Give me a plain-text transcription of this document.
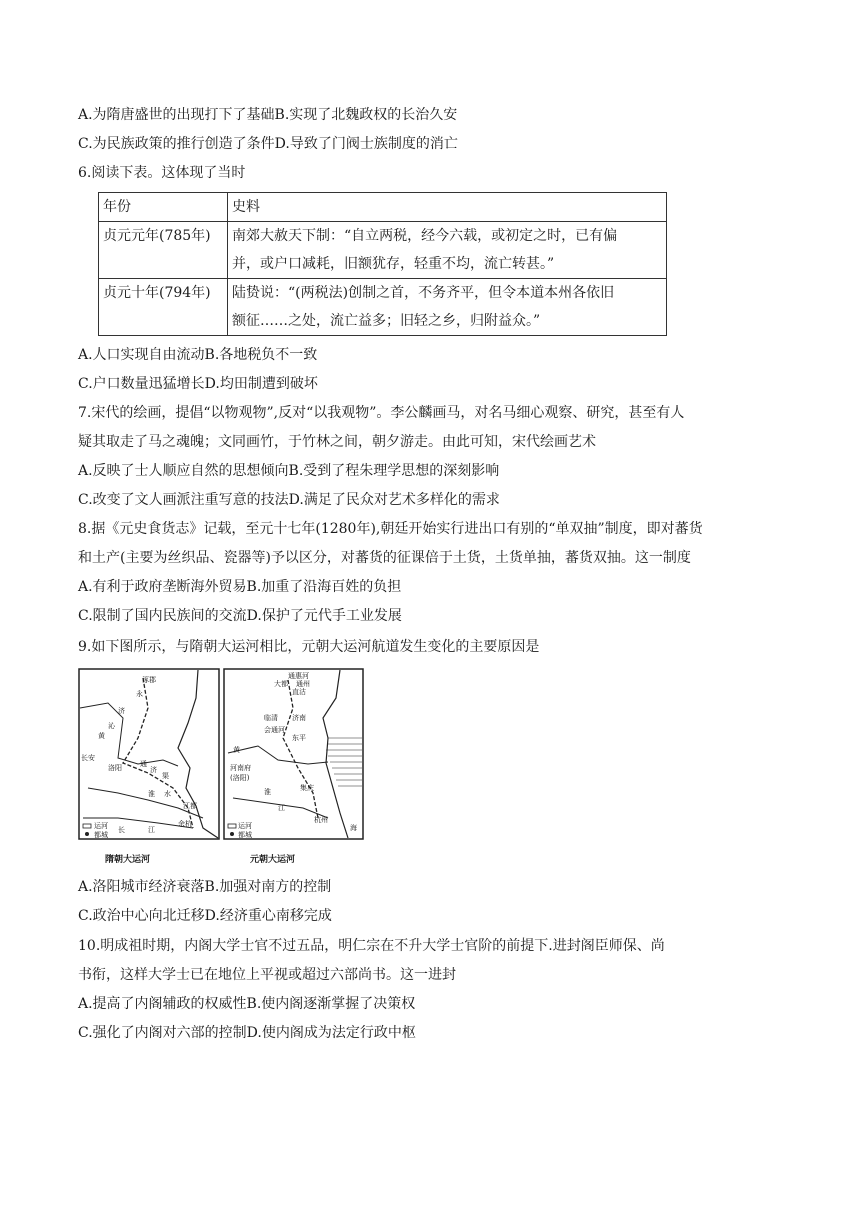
A.为隋唐盛世的出现打下了基础B.实现了北魏政权的长治久安
C.为民族政策的推行创造了条件D.导致了门阀士族制度的消亡
6.阅读下表。这体现了当时
年份	史料
贞元元年(785年)	南郊大赦天下制：“自立两税，经今六载，或初定之时，已有偏
并，或户口减耗，旧额犹存，轻重不均，流亡转甚。”

贞元十年(794年)	陆贽说：“(两税法)创制之首，不务齐平，但令本道本州各依旧
额征……之处，流亡益多；旧轻之乡，归附益众。”
A.人口实现自由流动B.各地税负不一致
C.户口数量迅猛增长D.均田制遭到破坏
7.宋代的绘画，提倡“以物观物”,反对“以我观物”。李公麟画马，对名马细心观察、研究，甚至有人
疑其取走了马之魂魄；文同画竹，于竹林之间，朝夕游走。由此可知，宋代绘画艺术
A.反映了士人顺应自然的思想倾向B.受到了程朱理学思想的深刻影响
C.改变了文人画派注重写意的技法D.满足了民众对艺术多样化的需求
8.据《元史食货志》记载，至元十七年(1280年),朝廷开始实行进出口有别的“单双抽”制度，即对蕃货
和土产(主要为丝织品、瓷器等)予以区分，对蕃货的征课倍于土货，土货单抽，蕃货双抽。这一制度
A.有利于政府垄断海外贸易B.加重了沿海百姓的负担
C.限制了国内民族间的交流D.保护了元代手工业发展
9.如下图所示，与隋朝大运河相比，元朝大运河航道发生变化的主要原因是
涿郡
永
济
沁
黄
长安
洛阳	通
济
渠
淮 水
江都
余杭
长	江
运河
都城
通惠河
大都 通州
直沽
临清 济南
会通河
东平
黄
河南府
(洛阳)
淮	集庆
江
杭州
海
运河
都城
隋朝大运河	元朝大运河
A.洛阳城市经济衰落B.加强对南方的控制
C.政治中心向北迁移D.经济重心南移完成
10.明成祖时期，内阁大学士官不过五品，明仁宗在不升大学士官阶的前提下.进封阁臣师保、尚
书衔，这样大学士已在地位上平视或超过六部尚书。这一进封
A.提高了内阁辅政的权威性B.使内阁逐渐掌握了决策权
C.强化了内阁对六部的控制D.使内阁成为法定行政中枢
